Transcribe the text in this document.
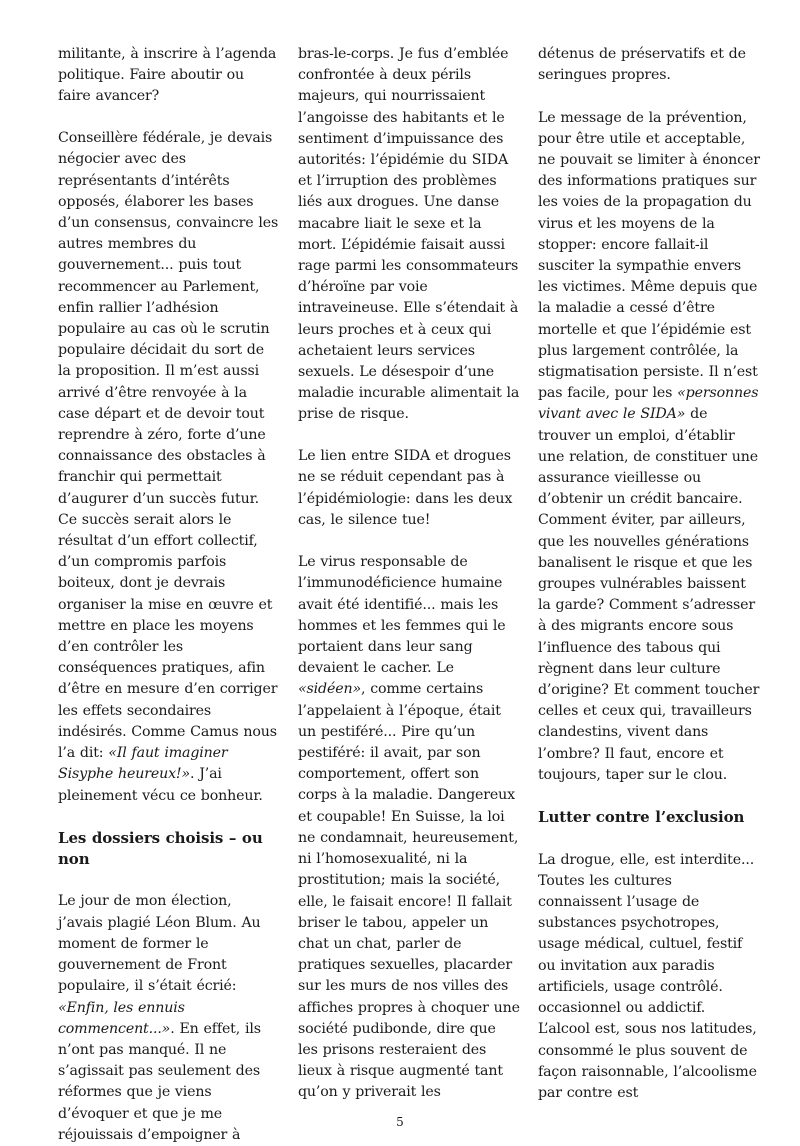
militante, à inscrire à l’agenda politique. Faire aboutir ou faire avancer?

Conseillère fédérale, je devais négocier avec des représentants d’intérêts opposés, élaborer les bases d’un consensus, convaincre les autres membres du gouvernement... puis tout recommencer au Parlement, enfin rallier l’adhésion populaire au cas où le scrutin populaire décidait du sort de la proposition. Il m’est aussi arrivé d’être renvoyée à la case départ et de devoir tout reprendre à zéro, forte d’une connaissance des obstacles à franchir qui permettait d’augurer d’un succès futur. Ce succès serait alors le résultat d’un effort collectif, d’un compromis parfois boiteux, dont je devrais organiser la mise en œuvre et mettre en place les moyens d’en contrôler les conséquences pratiques, afin d’être en mesure d’en corriger les effets secondaires indésirés. Comme Camus nous l’a dit: «Il faut imaginer Sisyphe heureux!». J’ai pleinement vécu ce bonheur.

Les dossiers choisis – ou non

Le jour de mon élection, j’avais plagié Léon Blum. Au moment de former le gouvernement de Front populaire, il s’était écrié: «Enfin, les ennuis commencent...». En effet, ils n’ont pas manqué. Il ne s’agissait pas seulement des réformes que je viens d’évoquer et que je me réjouissais d’empoigner à

bras-le-corps. Je fus d’emblée confrontée à deux périls majeurs, qui nourrissaient l’angoisse des habitants et le sentiment d’impuissance des autorités: l’épidémie du SIDA et l’irruption des problèmes liés aux drogues. Une danse macabre liait le sexe et la mort. L’épidémie faisait aussi rage parmi les consommateurs d’héroïne par voie intraveineuse. Elle s’étendait à leurs proches et à ceux qui achetaient leurs services sexuels. Le désespoir d’une maladie incurable alimentait la prise de risque.

Le lien entre SIDA et drogues ne se réduit cependant pas à l’épidémiologie: dans les deux cas, le silence tue!

Le virus responsable de l’immunodéficience humaine avait été identifié... mais les hommes et les femmes qui le portaient dans leur sang devaient le cacher. Le «sidéen», comme certains l’appelaient à l’époque, était un pestiféré... Pire qu’un pestiféré: il avait, par son comportement, offert son corps à la maladie. Dangereux et coupable! En Suisse, la loi ne condamnait, heureusement, ni l’homosexualité, ni la prostitution; mais la société, elle, le faisait encore! Il fallait briser le tabou, appeler un chat un chat, parler de pratiques sexuelles, placarder sur les murs de nos villes des affiches propres à choquer une société pudibonde, dire que les prisons resteraient des lieux à risque augmenté tant qu’on y priverait les

détenus de préservatifs et de seringues propres.

Le message de la prévention, pour être utile et acceptable, ne pouvait se limiter à énoncer des informations pratiques sur les voies de la propagation du virus et les moyens de la stopper: encore fallait-il susciter la sympathie envers les victimes. Même depuis que la maladie a cessé d’être mortelle et que l’épidémie est plus largement contrôlée, la stigmatisation persiste. Il n’est pas facile, pour les «personnes vivant avec le SIDA» de trouver un emploi, d’établir une relation, de constituer une assurance vieillesse ou d’obtenir un crédit bancaire. Comment éviter, par ailleurs, que les nouvelles générations banalisent le risque et que les groupes vulnérables baissent la garde? Comment s’adresser à des migrants encore sous l’influence des tabous qui règnent dans leur culture d’origine? Et comment toucher celles et ceux qui, travailleurs clandestins, vivent dans l’ombre? Il faut, encore et toujours, taper sur le clou.

Lutter contre l’exclusion

La drogue, elle, est interdite... Toutes les cultures connaissent l’usage de substances psychotropes, usage médical, cultuel, festif ou invitation aux paradis artificiels, usage contrôlé. occasionnel ou addictif. L’alcool est, sous nos latitudes, consommé le plus souvent de façon raisonnable, l’alcoolisme par contre est

5
